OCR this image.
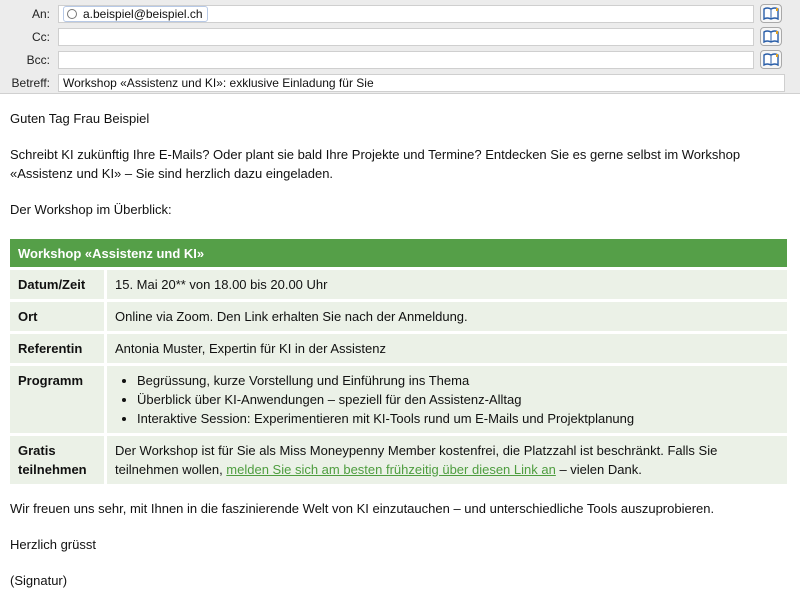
An:	a.beispiel@beispiel.ch
Cc:
Bcc:
Betreff:	Workshop «Assistenz und KI»: exklusive Einladung für Sie

Guten Tag Frau Beispiel

Schreibt KI zukünftig Ihre E-Mails? Oder plant sie bald Ihre Projekte und Termine? Entdecken Sie es gerne selbst im Workshop «Assistenz und KI» – Sie sind herzlich dazu eingeladen.

Der Workshop im Überblick:

Workshop «Assistenz und KI»	
Datum/Zeit	15. Mai 20** von 18.00 bis 20.00 Uhr
Ort	Online via Zoom. Den Link erhalten Sie nach der Anmeldung.
Referentin	Antonia Muster, Expertin für KI in der Assistenz
Programm	
•Begrüssung, kurze Vorstellung und Einführung ins Thema
• Überblick über KI-Anwendungen – speziell für den Assistenz-Alltag
• Interaktive Session: Experimentieren mit KI-Tools rund um E-Mails und Projektplanung

Gratis teilnehmen	Der Workshop ist für Sie als Miss Moneypenny Member kostenfrei, die Platzzahl ist beschränkt. Falls Sie teilnehmen wollen, melden Sie sich am besten frühzeitig über diesen Link an – vielen Dank.

Wir freuen uns sehr, mit Ihnen in die faszinierende Welt von KI einzutauchen – und unterschiedliche Tools auszuprobieren.

Herzlich grüsst

(Signatur)
